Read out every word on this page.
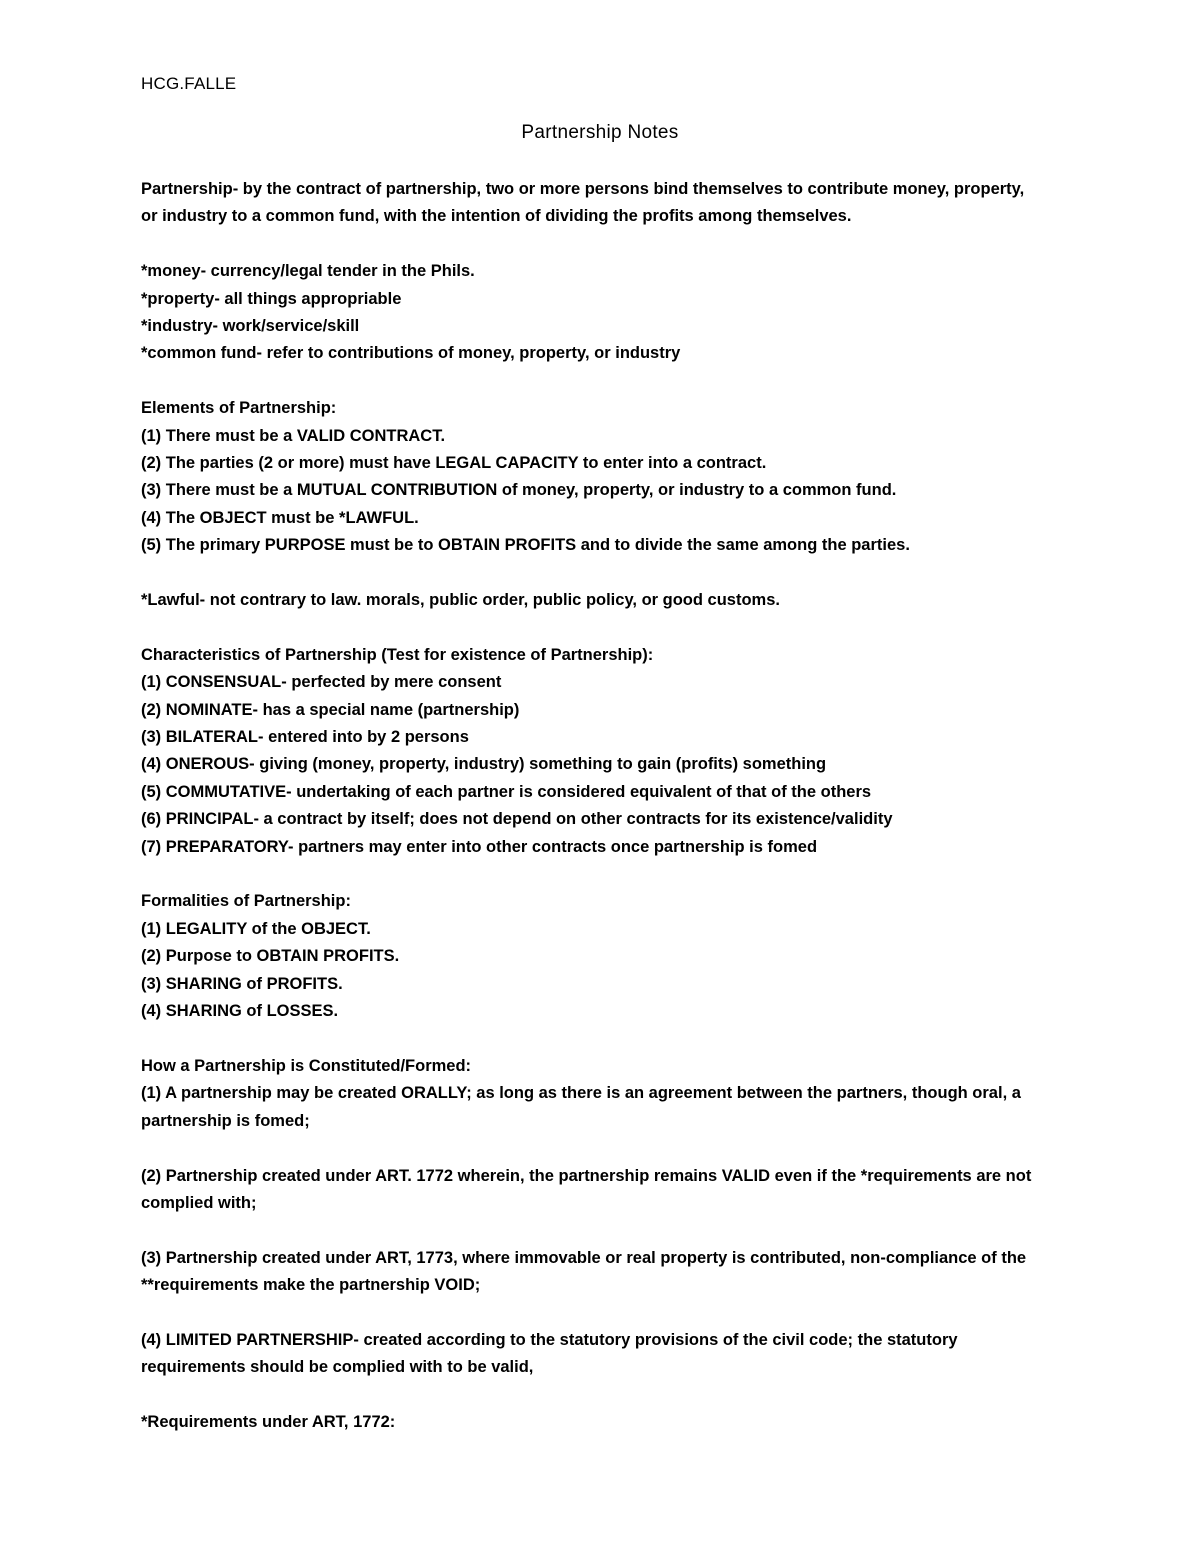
HCG.FALLE
Partnership Notes

Partnership- by the contract of partnership, two or more persons bind themselves to contribute money, property,

or industry to a common fund, with the intention of dividing the profits among themselves.

*money- currency/legal tender in the Phils.

*property- all things appropriable

*industry- work/service/skill

*common fund- refer to contributions of money, property, or industry

Elements of Partnership:

(1) There must be a VALID CONTRACT.

(2) The parties (2 or more) must have LEGAL CAPACITY to enter into a contract.

(3) There must be a MUTUAL CONTRIBUTION of money, property, or industry to a common fund.

(4) The OBJECT must be *LAWFUL.

(5) The primary PURPOSE must be to OBTAIN PROFITS and to divide the same among the parties.

*Lawful- not contrary to law. morals, public order, public policy, or good customs.

Characteristics of Partnership (Test for existence of Partnership):

(1) CONSENSUAL- perfected by mere consent

(2) NOMINATE- has a special name (partnership)

(3) BILATERAL- entered into by 2 persons

(4) ONEROUS- giving (money, property, industry) something to gain (profits) something

(5) COMMUTATIVE- undertaking of each partner is considered equivalent of that of the others

(6) PRINCIPAL- a contract by itself; does not depend on other contracts for its existence/validity

(7) PREPARATORY- partners may enter into other contracts once partnership is fomed

Formalities of Partnership:

(1) LEGALITY of the OBJECT.

(2) Purpose to OBTAIN PROFITS.

(3) SHARING of PROFITS.

(4) SHARING of LOSSES.

How a Partnership is Constituted/Formed:

(1) A partnership may be created ORALLY; as long as there is an agreement between the partners, though oral, a

partnership is fomed;

(2) Partnership created under ART. 1772 wherein, the partnership remains VALID even if the *requirements are not

complied with;

(3) Partnership created under ART, 1773, where immovable or real property is contributed, non-compliance of the

**requirements make the partnership VOID;

(4) LIMITED PARTNERSHIP- created according to the statutory provisions of the civil code; the statutory

requirements should be complied with to be valid,

*Requirements under ART, 1772:
